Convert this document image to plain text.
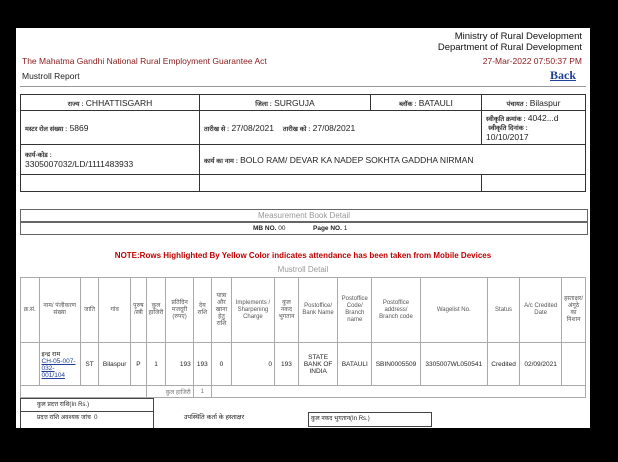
Ministry of Rural Development
Department of Rural Development
The Mahatma Gandhi National Rural Employment Guarantee Act	27-Mar-2022 07:50:37 PM
Mustroll Report	Back
राज्य : CHHATTISGARH	जिला : SURGUJA	ब्लॉक : BATAULI	पंचायत : Bilaspur
मस्टर रोल संख्या : 5869	तारीख से : 27/08/2021 तारीख को : 27/08/2021		स्वीकृति क्रमांक : 4042...d  स्वीकृति दिनांक :
10/10/2017
कार्य-कोड :
3305007032/LD/1111483933	कार्य का नाम : BOLO RAM/ DEVAR KA NADEP SOKHTA GADDHA NIRMAN		

Measurement Book Detail
MB NO. 00	Page NO. 1
NOTE:Rows Highlighted By Yellow Color indicates attendance has been taken from Mobile Devices
Mustroll Detail
क्र.सं.	नाम/ पंजीकरण संख्या	जाति	गांव	पुरुष /स्त्री	कुल हाजिरी	प्रतिदिन मजदूरी (रुपए)	देय राशि	यात्रा और खाना हेतु राशि	Implements / Sharpening Charge	कुल नकद भुगतान	Postoffice/ Bank Name	Postoffice Code/ Branch name	Postoffice address/ Branch code	Wagelist No.	Status	A/c Credited Date	हस्ताक्षर/ अंगूठे का निशान
	इन्द्र राम
CH-05-007-032-001/104	ST	Bilaspur	P	1	193	193	0	0	193	STATE BANK OF INDIA	BATAULI	SBIN0005509	3305007WL050541	Credited	02/09/2021	
					कुल हाजिरी		1										
कुल प्रदत्त राशि(In Rs.)
प्रदत्त राशि अवश्यक जांच 0	उपस्थिति कर्ता के हस्ताक्षर	कुल नकद भुगतान(In Rs.)
